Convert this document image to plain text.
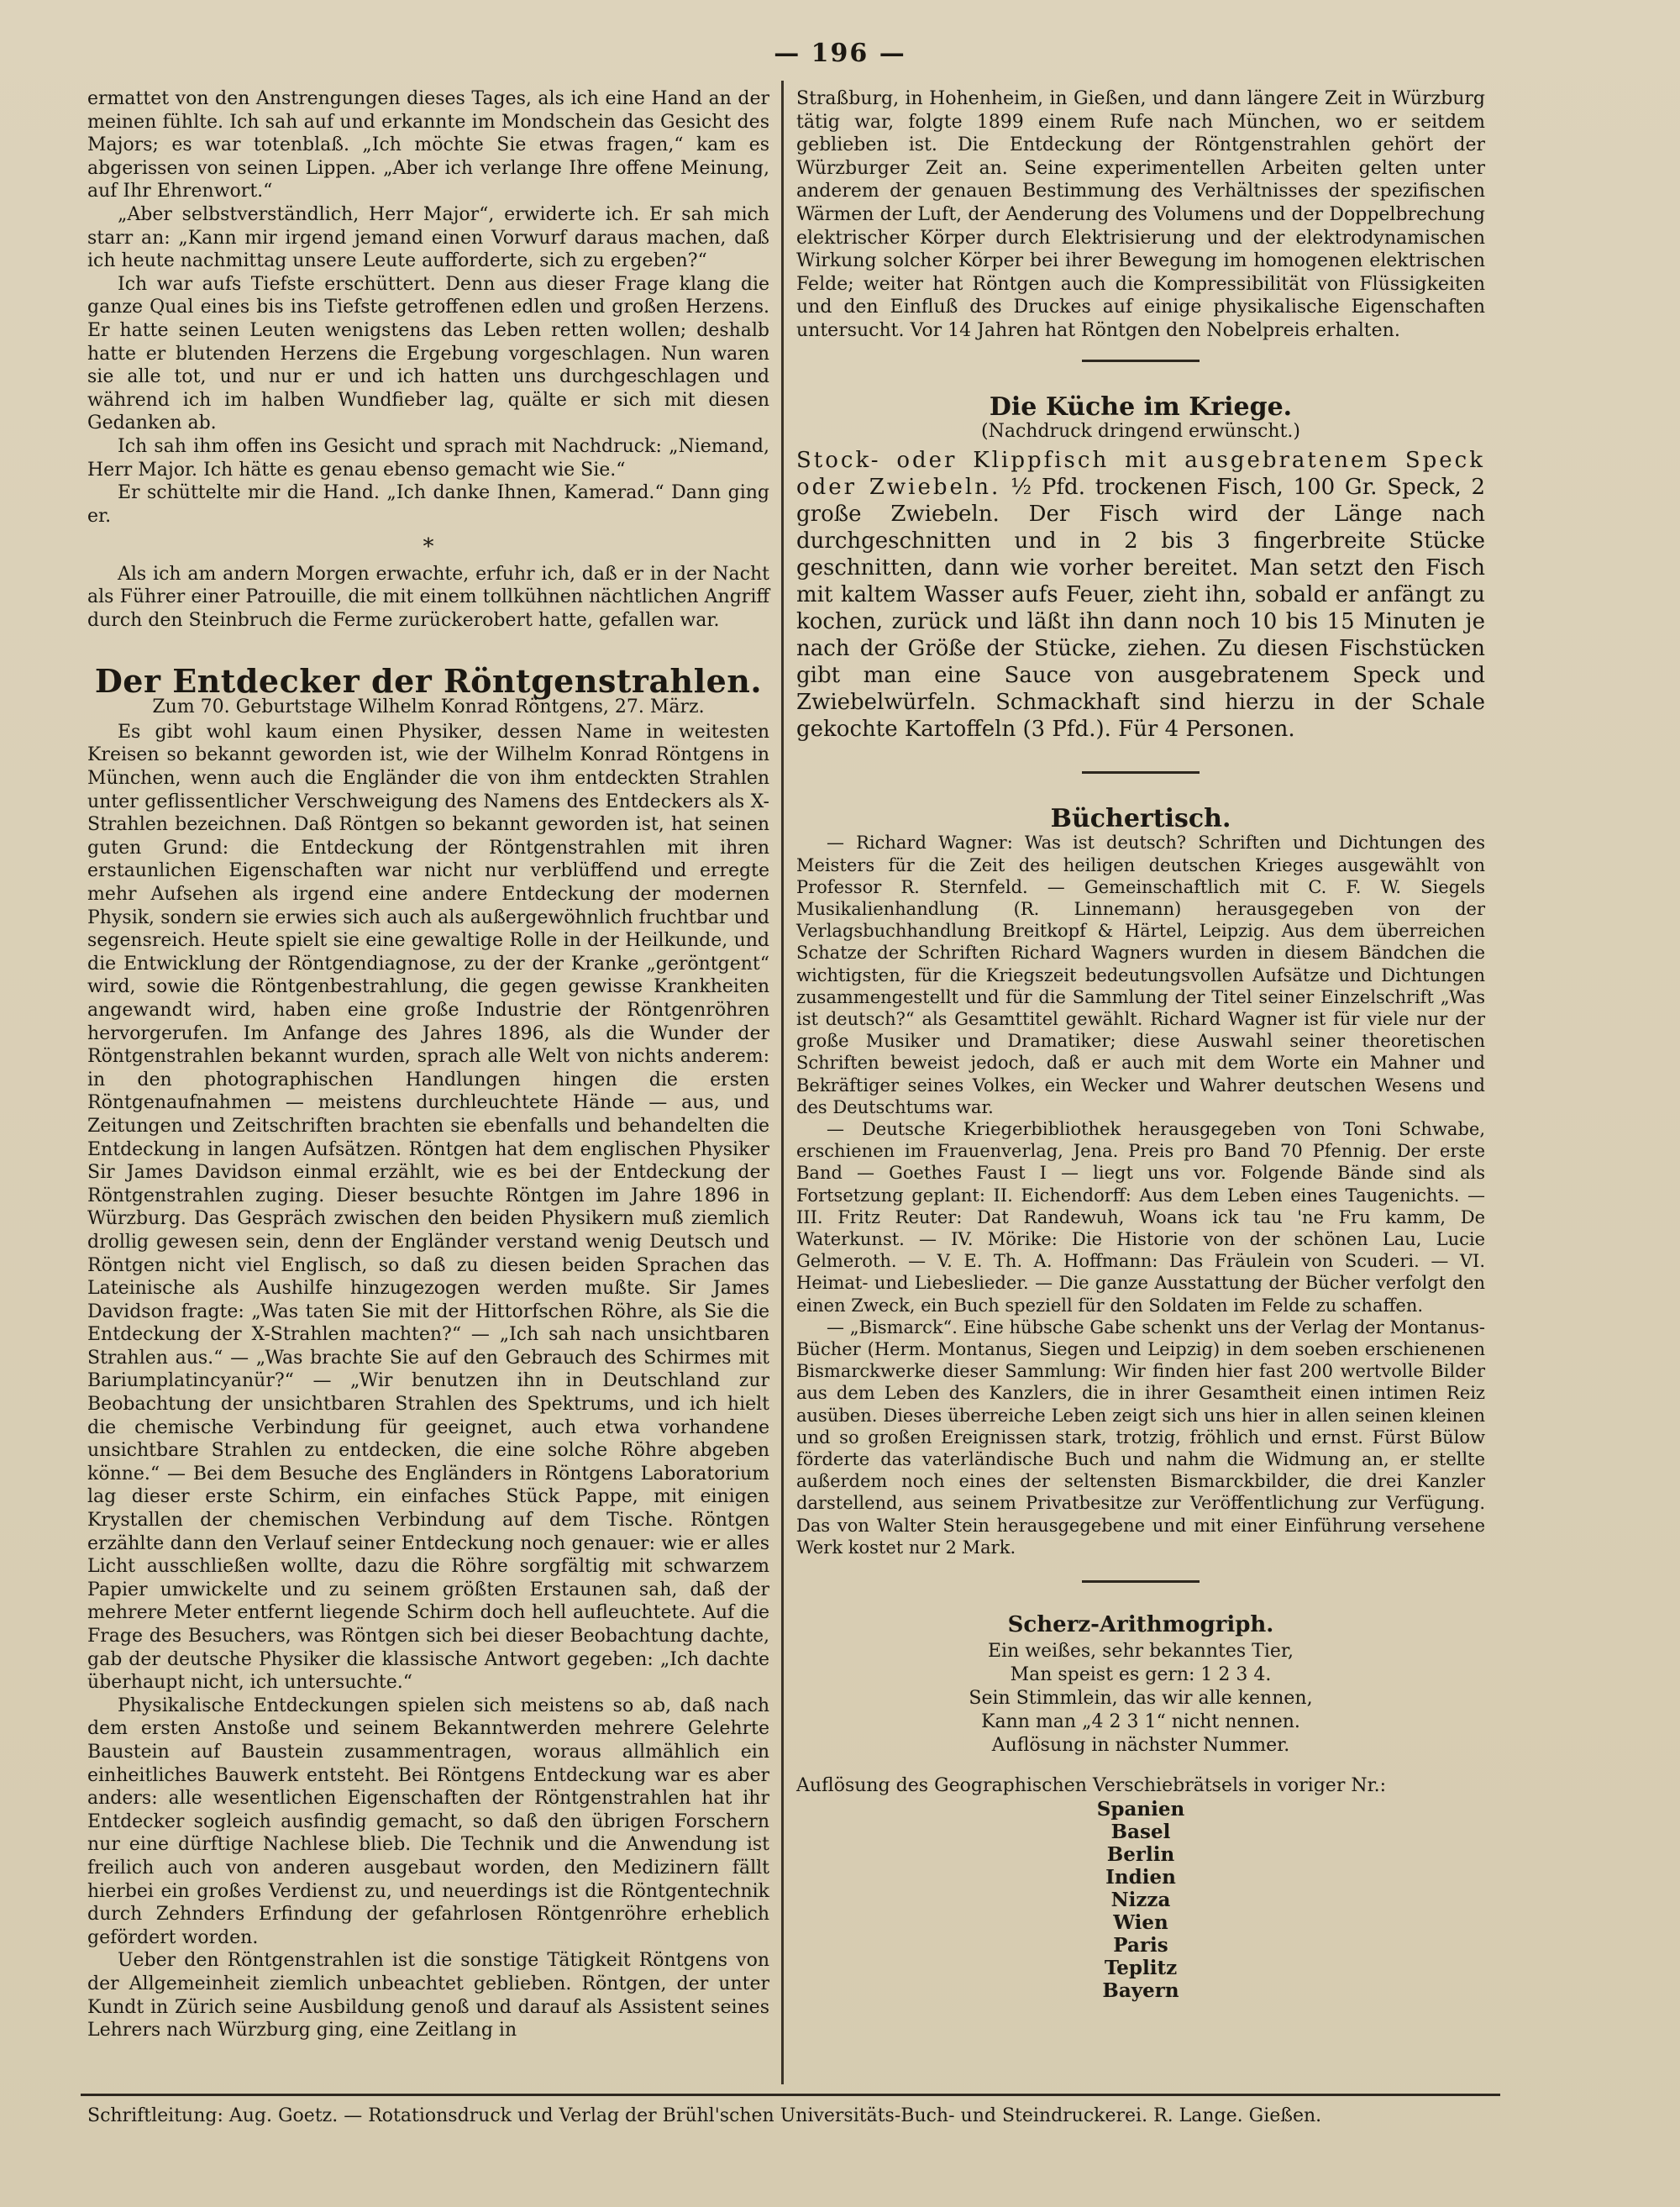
— 196 —

ermattet von den Anstrengungen dieses Tages, als ich eine Hand an der meinen fühlte. Ich sah auf und erkannte im Mondschein das Gesicht des Majors; es war totenblaß. „Ich möchte Sie etwas fragen,“ kam es abgerissen von seinen Lippen. „Aber ich verlange Ihre offene Meinung, auf Ihr Ehrenwort.“

„Aber selbstverständlich, Herr Major“, erwiderte ich. Er sah mich starr an: „Kann mir irgend jemand einen Vorwurf daraus machen, daß ich heute nachmittag unsere Leute aufforderte, sich zu ergeben?“

Ich war aufs Tiefste erschüttert. Denn aus dieser Frage klang die ganze Qual eines bis ins Tiefste getroffenen edlen und großen Herzens. Er hatte seinen Leuten wenigstens das Leben retten wollen; deshalb hatte er blutenden Herzens die Ergebung vorgeschlagen. Nun waren sie alle tot, und nur er und ich hatten uns durchgeschlagen und während ich im halben Wundfieber lag, quälte er sich mit diesen Gedanken ab.

Ich sah ihm offen ins Gesicht und sprach mit Nachdruck: „Niemand, Herr Major. Ich hätte es genau ebenso gemacht wie Sie.“

Er schüttelte mir die Hand. „Ich danke Ihnen, Kamerad.“ Dann ging er.

*

Als ich am andern Morgen erwachte, erfuhr ich, daß er in der Nacht als Führer einer Patrouille, die mit einem tollkühnen nächtlichen Angriff durch den Steinbruch die Ferme zurückerobert hatte, gefallen war.

Der Entdecker der Röntgenstrahlen.
Zum 70. Geburtstage Wilhelm Konrad Röntgens, 27. März.

Es gibt wohl kaum einen Physiker, dessen Name in weitesten Kreisen so bekannt geworden ist, wie der Wilhelm Konrad Röntgens in München, wenn auch die Engländer die von ihm entdeckten Strahlen unter geflissentlicher Verschweigung des Namens des Entdeckers als X-Strahlen bezeichnen. Daß Röntgen so bekannt geworden ist, hat seinen guten Grund: die Entdeckung der Röntgenstrahlen mit ihren erstaunlichen Eigenschaften war nicht nur verblüffend und erregte mehr Aufsehen als irgend eine andere Entdeckung der modernen Physik, sondern sie erwies sich auch als außergewöhnlich fruchtbar und segensreich. Heute spielt sie eine gewaltige Rolle in der Heilkunde, und die Entwicklung der Röntgendiagnose, zu der der Kranke „geröntgent“ wird, sowie die Röntgenbestrahlung, die gegen gewisse Krankheiten angewandt wird, haben eine große Industrie der Röntgenröhren hervorgerufen. Im Anfange des Jahres 1896, als die Wunder der Röntgenstrahlen bekannt wurden, sprach alle Welt von nichts anderem: in den photographischen Handlungen hingen die ersten Röntgenaufnahmen — meistens durchleuchtete Hände — aus, und Zeitungen und Zeitschriften brachten sie ebenfalls und behandelten die Entdeckung in langen Aufsätzen. Röntgen hat dem englischen Physiker Sir James Davidson einmal erzählt, wie es bei der Entdeckung der Röntgenstrahlen zuging. Dieser besuchte Röntgen im Jahre 1896 in Würzburg. Das Gespräch zwischen den beiden Physikern muß ziemlich drollig gewesen sein, denn der Engländer verstand wenig Deutsch und Röntgen nicht viel Englisch, so daß zu diesen beiden Sprachen das Lateinische als Aushilfe hinzugezogen werden mußte. Sir James Davidson fragte: „Was taten Sie mit der Hittorfschen Röhre, als Sie die Entdeckung der X-Strahlen machten?“ — „Ich sah nach unsichtbaren Strahlen aus.“ — „Was brachte Sie auf den Gebrauch des Schirmes mit Bariumplatincyanür?“ — „Wir benutzen ihn in Deutschland zur Beobachtung der unsichtbaren Strahlen des Spektrums, und ich hielt die chemische Verbindung für geeignet, auch etwa vorhandene unsichtbare Strahlen zu entdecken, die eine solche Röhre abgeben könne.“ — Bei dem Besuche des Engländers in Röntgens Laboratorium lag dieser erste Schirm, ein einfaches Stück Pappe, mit einigen Krystallen der chemischen Verbindung auf dem Tische. Röntgen erzählte dann den Verlauf seiner Entdeckung noch genauer: wie er alles Licht ausschließen wollte, dazu die Röhre sorgfältig mit schwarzem Papier umwickelte und zu seinem größten Erstaunen sah, daß der mehrere Meter entfernt liegende Schirm doch hell aufleuchtete. Auf die Frage des Besuchers, was Röntgen sich bei dieser Beobachtung dachte, gab der deutsche Physiker die klassische Antwort gegeben: „Ich dachte überhaupt nicht, ich untersuchte.“

Physikalische Entdeckungen spielen sich meistens so ab, daß nach dem ersten Anstoße und seinem Bekanntwerden mehrere Gelehrte Baustein auf Baustein zusammentragen, woraus allmählich ein einheitliches Bauwerk entsteht. Bei Röntgens Entdeckung war es aber anders: alle wesentlichen Eigenschaften der Röntgenstrahlen hat ihr Entdecker sogleich ausfindig gemacht, so daß den übrigen Forschern nur eine dürftige Nachlese blieb. Die Technik und die Anwendung ist freilich auch von anderen ausgebaut worden, den Medizinern fällt hierbei ein großes Verdienst zu, und neuerdings ist die Röntgentechnik durch Zehnders Erfindung der gefahrlosen Röntgenröhre erheblich gefördert worden.

Ueber den Röntgenstrahlen ist die sonstige Tätigkeit Röntgens von der Allgemeinheit ziemlich unbeachtet geblieben. Röntgen, der unter Kundt in Zürich seine Ausbildung genoß und darauf als Assistent seines Lehrers nach Würzburg ging, eine Zeitlang in

Straßburg, in Hohenheim, in Gießen, und dann längere Zeit in Würzburg tätig war, folgte 1899 einem Rufe nach München, wo er seitdem geblieben ist. Die Entdeckung der Röntgenstrahlen gehört der Würzburger Zeit an. Seine experimentellen Arbeiten gelten unter anderem der genauen Bestimmung des Verhältnisses der spezifischen Wärmen der Luft, der Aenderung des Volumens und der Doppelbrechung elektrischer Körper durch Elektrisierung und der elektrodynamischen Wirkung solcher Körper bei ihrer Bewegung im homogenen elektrischen Felde; weiter hat Röntgen auch die Kompressibilität von Flüssigkeiten und den Einfluß des Druckes auf einige physikalische Eigenschaften untersucht. Vor 14 Jahren hat Röntgen den Nobelpreis erhalten.

Die Küche im Kriege.
(Nachdruck dringend erwünscht.)
Stock- oder Klippfisch mit ausgebratenem Speck oder Zwiebeln. ½ Pfd. trockenen Fisch, 100 Gr. Speck, 2 große Zwiebeln. Der Fisch wird der Länge nach durchgeschnitten und in 2 bis 3 fingerbreite Stücke geschnitten, dann wie vorher bereitet. Man setzt den Fisch mit kaltem Wasser aufs Feuer, zieht ihn, sobald er anfängt zu kochen, zurück und läßt ihn dann noch 10 bis 15 Minuten je nach der Größe der Stücke, ziehen. Zu diesen Fischstücken gibt man eine Sauce von ausgebratenem Speck und Zwiebelwürfeln. Schmackhaft sind hierzu in der Schale gekochte Kartoffeln (3 Pfd.). Für 4 Personen.
Büchertisch.

— Richard Wagner: Was ist deutsch? Schriften und Dichtungen des Meisters für die Zeit des heiligen deutschen Krieges ausgewählt von Professor R. Sternfeld. — Gemeinschaftlich mit C. F. W. Siegels Musikalienhandlung (R. Linnemann) herausgegeben von der Verlagsbuchhandlung Breitkopf & Härtel, Leipzig. Aus dem überreichen Schatze der Schriften Richard Wagners wurden in diesem Bändchen die wichtigsten, für die Kriegszeit bedeutungsvollen Aufsätze und Dichtungen zusammengestellt und für die Sammlung der Titel seiner Einzelschrift „Was ist deutsch?“ als Gesamttitel gewählt. Richard Wagner ist für viele nur der große Musiker und Dramatiker; diese Auswahl seiner theoretischen Schriften beweist jedoch, daß er auch mit dem Worte ein Mahner und Bekräftiger seines Volkes, ein Wecker und Wahrer deutschen Wesens und des Deutschtums war.

— Deutsche Kriegerbibliothek herausgegeben von Toni Schwabe, erschienen im Frauenverlag, Jena. Preis pro Band 70 Pfennig. Der erste Band — Goethes Faust I — liegt uns vor. Folgende Bände sind als Fortsetzung geplant: II. Eichendorff: Aus dem Leben eines Taugenichts. — III. Fritz Reuter: Dat Randewuh, Woans ick tau 'ne Fru kamm, De Waterkunst. — IV. Mörike: Die Historie von der schönen Lau, Lucie Gelmeroth. — V. E. Th. A. Hoffmann: Das Fräulein von Scuderi. — VI. Heimat- und Liebeslieder. — Die ganze Ausstattung der Bücher verfolgt den einen Zweck, ein Buch speziell für den Soldaten im Felde zu schaffen.

— „Bismarck“. Eine hübsche Gabe schenkt uns der Verlag der Montanus-Bücher (Herm. Montanus, Siegen und Leipzig) in dem soeben erschienenen Bismarckwerke dieser Sammlung: Wir finden hier fast 200 wertvolle Bilder aus dem Leben des Kanzlers, die in ihrer Gesamtheit einen intimen Reiz ausüben. Dieses überreiche Leben zeigt sich uns hier in allen seinen kleinen und so großen Ereignissen stark, trotzig, fröhlich und ernst. Fürst Bülow förderte das vaterländische Buch und nahm die Widmung an, er stellte außerdem noch eines der seltensten Bismarckbilder, die drei Kanzler darstellend, aus seinem Privatbesitze zur Veröffentlichung zur Verfügung. Das von Walter Stein herausgegebene und mit einer Einführung versehene Werk kostet nur 2 Mark.

Scherz-Arithmogriph.
Ein weißes, sehr bekanntes Tier,
Man speist es gern: 1 2 3 4.
Sein Stimmlein, das wir alle kennen,
Kann man „4 2 3 1“ nicht nennen.
Auflösung in nächster Nummer.

Auflösung des Geographischen Verschiebrätsels in voriger Nr.:

Spanien
Basel
Berlin
Indien
Nizza
Wien
Paris
Teplitz
Bayern
Schriftleitung: Aug. Goetz. — Rotationsdruck und Verlag der Brühl'schen Universitäts-Buch- und Steindruckerei. R. Lange. Gießen.
